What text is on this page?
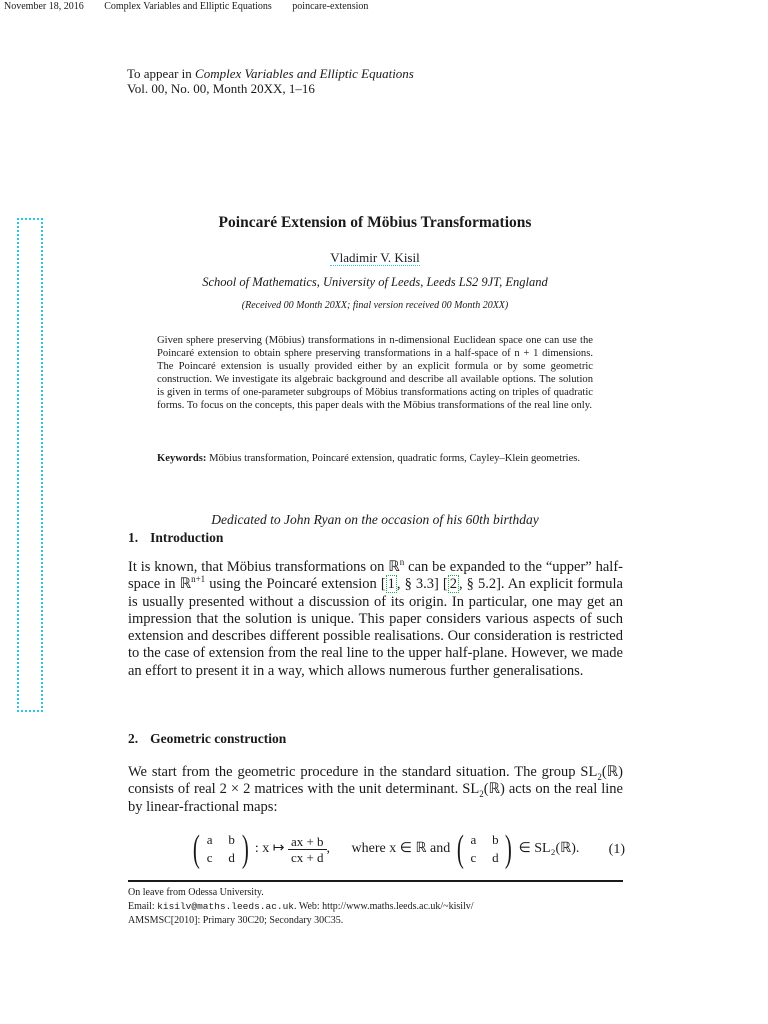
November 18, 2016 Complex Variables and Elliptic Equations poincare-extension
To appear in Complex Variables and Elliptic Equations
Vol. 00, No. 00, Month 20XX, 1–16
Poincaré Extension of Möbius Transformations
Vladimir V. Kisil
School of Mathematics, University of Leeds, Leeds LS2 9JT, England
(Received 00 Month 20XX; final version received 00 Month 20XX)
Given sphere preserving (Möbius) transformations in n-dimensional Euclidean space one can use the Poincaré extension to obtain sphere preserving transformations in a half-space of n + 1 dimensions. The Poincaré extension is usually provided either by an explicit formula or by some geometric construction. We investigate its algebraic background and describe all available options. The solution is given in terms of one-parameter subgroups of Möbius transformations acting on triples of quadratic forms. To focus on the concepts, this paper deals with the Möbius transformations of the real line only.
Keywords: Möbius transformation, Poincaré extension, quadratic forms, Cayley–Klein geometries.
Dedicated to John Ryan on the occasion of his 60th birthday
1. Introduction
It is known, that Möbius transformations on ℝ$^n$ can be expanded to the “upper” half-space in ℝ$^{n+1}$ using the Poincaré extension [ 1 , § 3.3] [ 2 , § 5.2]. An explicit formula is usually presented without a discussion of its origin. In particular, one may get an impression that the solution is unique. This paper considers various aspects of such extension and describes different possible realisations. Our consideration is restricted to the case of extension from the real line to the upper half-plane. However, we made an effort to present it in a way, which allows numerous further generalisations.
2. Geometric construction
We start from the geometric procedure in the standard situation. The group $SL_2(ℝ)$ consists of real 2 × 2 matrices with the unit determinant. $SL_2(ℝ)$ acts on the real line by linear-fractional maps:
( a	b
c	d ) : x ↦ $\frac{ax + b}{cx + d}$ , where x ∈ ℝ and ( a	b
c	d ) ∈ SL₂(ℝ). (1)
On leave from Odessa University.
Email: kisilv@maths.leeds.ac.uk. Web: http://www.maths.leeds.ac.uk/~kisilv/
AMSMSC[2010]: Primary 30C20; Secondary 30C35.
